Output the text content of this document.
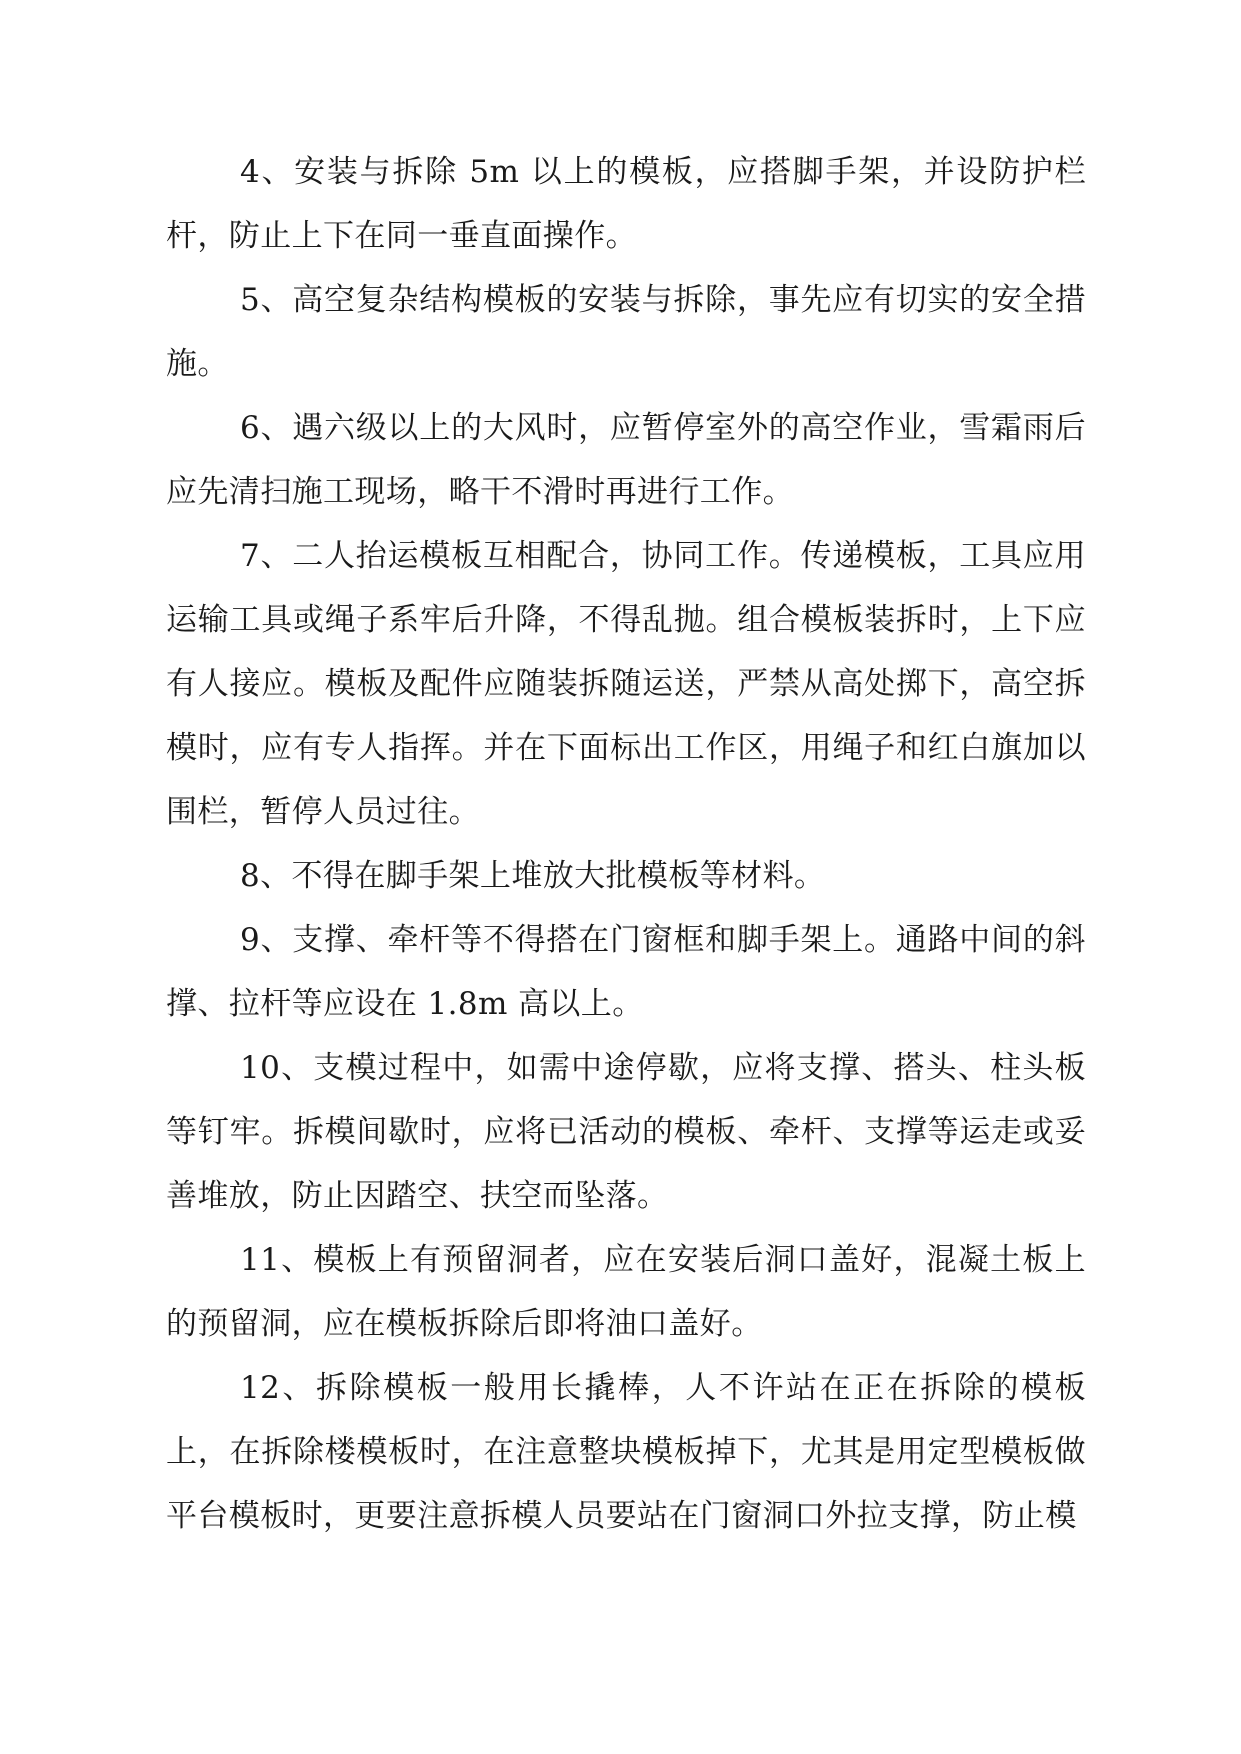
4、安装与拆除 5m 以上的模板，应搭脚手架，并设防护栏杆，防止上下在同一垂直面操作。

5、高空复杂结构模板的安装与拆除，事先应有切实的安全措施。

6、遇六级以上的大风时，应暂停室外的高空作业，雪霜雨后应先清扫施工现场，略干不滑时再进行工作。

7、二人抬运模板互相配合，协同工作。传递模板，工具应用运输工具或绳子系牢后升降，不得乱抛。组合模板装拆时，上下应有人接应。模板及配件应随装拆随运送，严禁从高处掷下，高空拆模时，应有专人指挥。并在下面标出工作区，用绳子和红白旗加以围栏，暂停人员过往。

8、不得在脚手架上堆放大批模板等材料。

9、支撑、牵杆等不得搭在门窗框和脚手架上。通路中间的斜撑、拉杆等应设在 1.8m 高以上。

10、支模过程中，如需中途停歇，应将支撑、搭头、柱头板等钉牢。拆模间歇时，应将已活动的模板、牵杆、支撑等运走或妥善堆放，防止因踏空、扶空而坠落。

11、模板上有预留洞者，应在安装后洞口盖好，混凝土板上的预留洞，应在模板拆除后即将油口盖好。

12、拆除模板一般用长撬棒，人不许站在正在拆除的模板上，在拆除楼模板时，在注意整块模板掉下，尤其是用定型模板做平台模板时，更要注意拆模人员要站在门窗洞口外拉支撑，防止模
